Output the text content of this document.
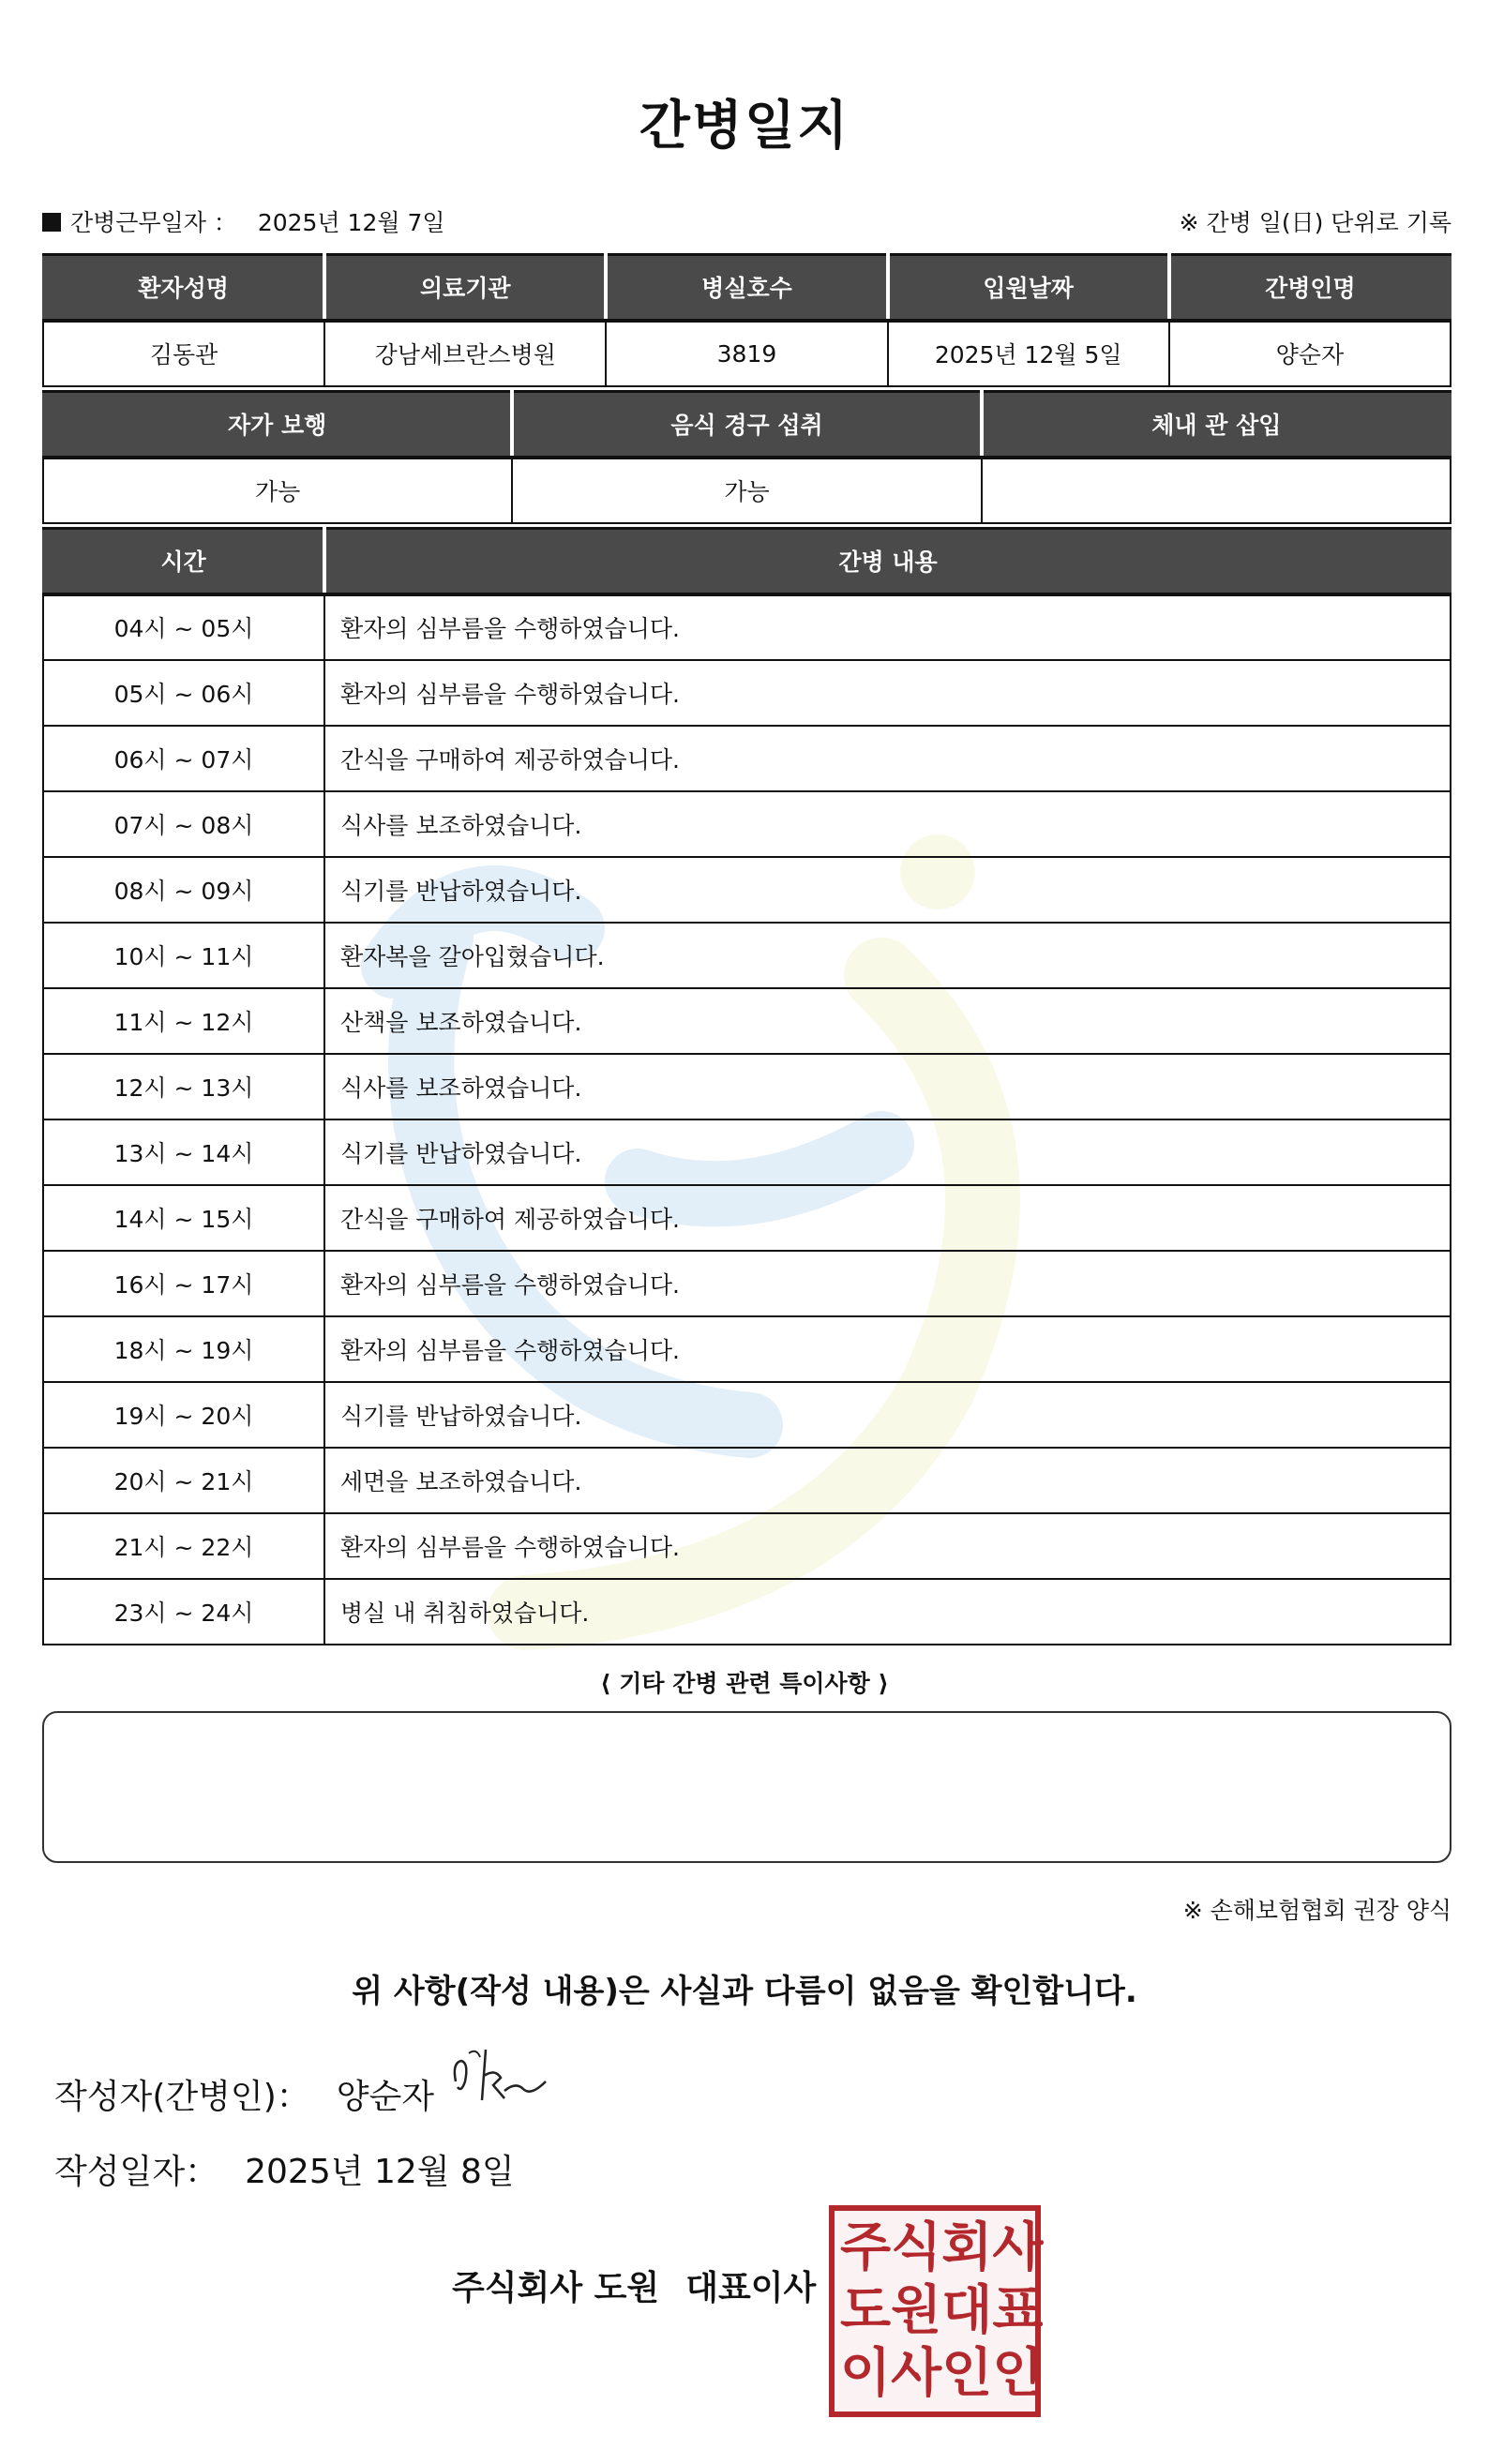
간병일지
간병근무일자 ： 2025년 12월 7일	※ 간병 일(日) 단위로 기록
환자성명	의료기관	병실호수	입원날짜	간병인명
김동관	강남세브란스병원	3819	2025년 12월 5일	양순자
자가 보행	음식 경구 섭취	체내 관 삽입
가능	가능	
시간	간병 내용
04시 ~ 05시	환자의 심부름을 수행하였습니다.
05시 ~ 06시	환자의 심부름을 수행하였습니다.
06시 ~ 07시	간식을 구매하여 제공하였습니다.
07시 ~ 08시	식사를 보조하였습니다.
08시 ~ 09시	식기를 반납하였습니다.
10시 ~ 11시	환자복을 갈아입혔습니다.
11시 ~ 12시	산책을 보조하였습니다.
12시 ~ 13시	식사를 보조하였습니다.
13시 ~ 14시	식기를 반납하였습니다.
14시 ~ 15시	간식을 구매하여 제공하였습니다.
16시 ~ 17시	환자의 심부름을 수행하였습니다.
18시 ~ 19시	환자의 심부름을 수행하였습니다.
19시 ~ 20시	식기를 반납하였습니다.
20시 ~ 21시	세면을 보조하였습니다.
21시 ~ 22시	환자의 심부름을 수행하였습니다.
23시 ~ 24시	병실 내 취침하였습니다.
⟨ 기타 간병 관련 특이사항 ⟩
※ 손해보험협회 권장 양식
위 사항(작성 내용)은 사실과 다름이 없음을 확인합니다.
작성자(간병인)： 양순자
작성일자： 2025년 12월 8일
주식회사 도원 대표이사
주 식 회 사
도 원 대 표
이 사 인 인
